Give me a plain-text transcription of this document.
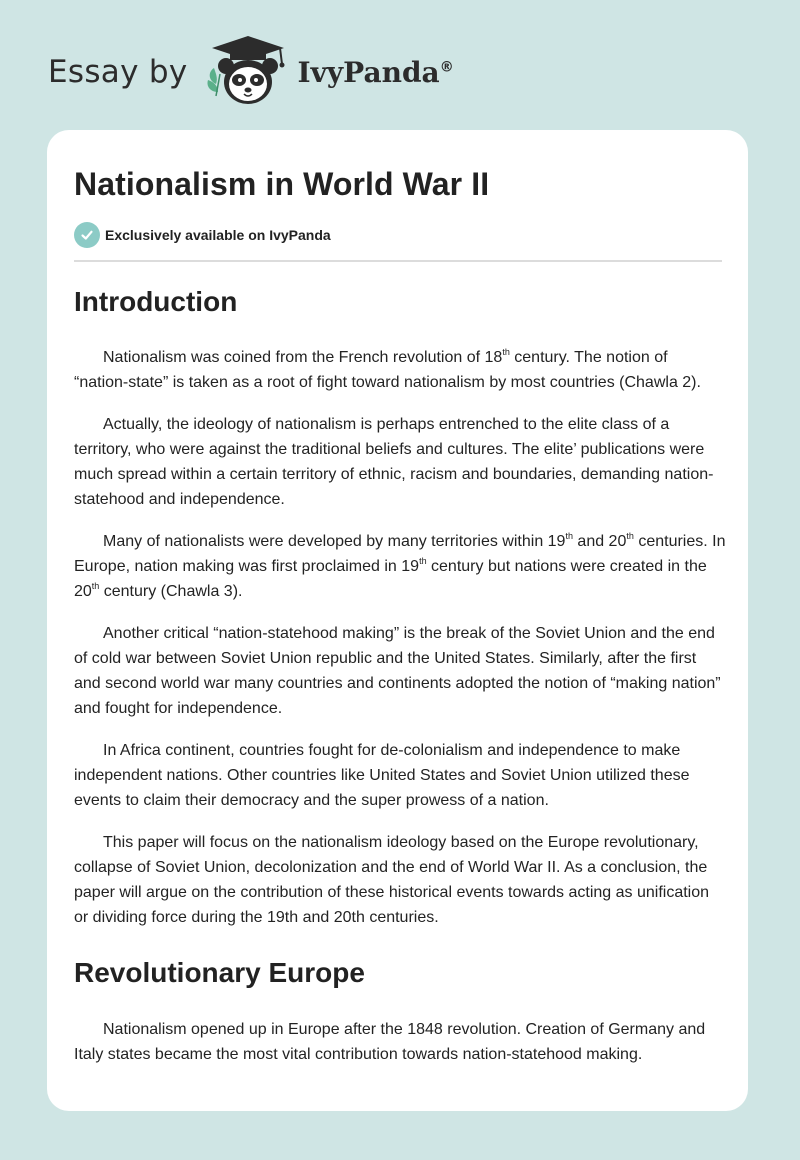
Essay by	IvyPanda®
Nationalism in World War II
Exclusively available on IvyPanda
Introduction

Nationalism was coined from the French revolution of 18th century. The notion of “nation-state” is taken as a root of fight toward nationalism by most countries (Chawla 2).

Actually, the ideology of nationalism is perhaps entrenched to the elite class of a territory, who were against the traditional beliefs and cultures. The elite’ publications were much spread within a certain territory of ethnic, racism and boundaries, demanding nation-statehood and independence.

Many of nationalists were developed by many territories within 19th and 20th centuries. In Europe, nation making was first proclaimed in 19th century but nations were created in the 20th century (Chawla 3).

Another critical “nation-statehood making” is the break of the Soviet Union and the end of cold war between Soviet Union republic and the United States. Similarly, after the first and second world war many countries and continents adopted the notion of “making nation” and fought for independence.

In Africa continent, countries fought for de-colonialism and independence to make independent nations. Other countries like United States and Soviet Union utilized these events to claim their democracy and the super prowess of a nation.

This paper will focus on the nationalism ideology based on the Europe revolutionary, collapse of Soviet Union, decolonization and the end of World War II. As a conclusion, the paper will argue on the contribution of these historical events towards acting as unification or dividing force during the 19th and 20th centuries.

Revolutionary Europe

Nationalism opened up in Europe after the 1848 revolution. Creation of Germany and Italy states became the most vital contribution towards nation-statehood making.
